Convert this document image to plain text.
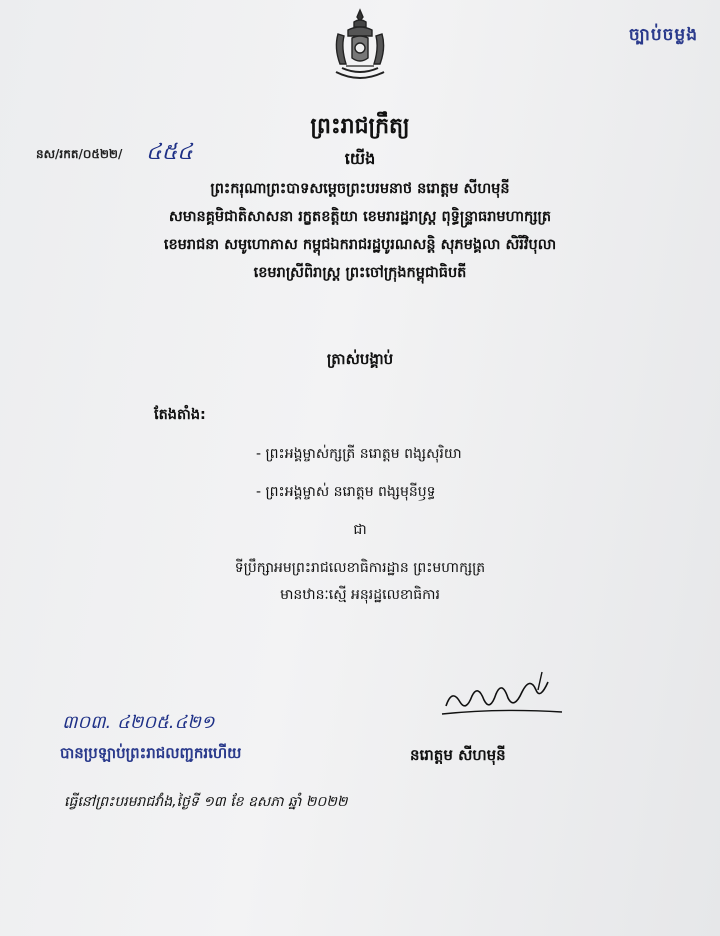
ច្បាប់ចម្លង
ព្រះរាជក្រឹត្យ
នស/រកត/០៥២២/ ៤៥៤	យើង
ព្រះករុណាព្រះបាទសម្តេចព្រះបរមនាថ នរោត្តម សីហមុនី
សមានគ្គមិជាតិសាសនា រក្ខតខត្តិយា ខេមរារដ្ឋរាស្ត្រ ពុទ្ធិន្ទ្រាធរាមហាក្សត្រ
ខេមរាជនា សមូហោភាស កម្ពុជឯករាជរដ្ឋបូរណសន្តិ សុភមង្គលា សិរីវិបុលា
ខេមរាស្រីពិរាស្ត្រ ព្រះចៅក្រុងកម្ពុជាធិបតី
ត្រាស់បង្គាប់
តែងតាំង:
- ព្រះអង្គម្ចាស់ក្សត្រី នរោត្តម ពង្សសុរិយា
- ព្រះអង្គម្ចាស់ នរោត្តម ពង្សមុនីឫទ្ធ
ជា
ទីប្រឹក្សាអមព្រះរាជលេខាធិការដ្ឋាន ព្រះមហាក្សត្រ
មានឋានៈស្មើ អនុរដ្ឋលេខាធិការ
នរោត្តម សីហមុនី
៣០៣. ៤២០៥.៤២១
បានប្រឡាប់ព្រះរាជលញ្ជករហើយ
ធ្វើនៅព្រះបរមរាជវាំង,ថ្ងៃទី ១៣ ខែ ឧសភា ឆ្នាំ ២០២២
